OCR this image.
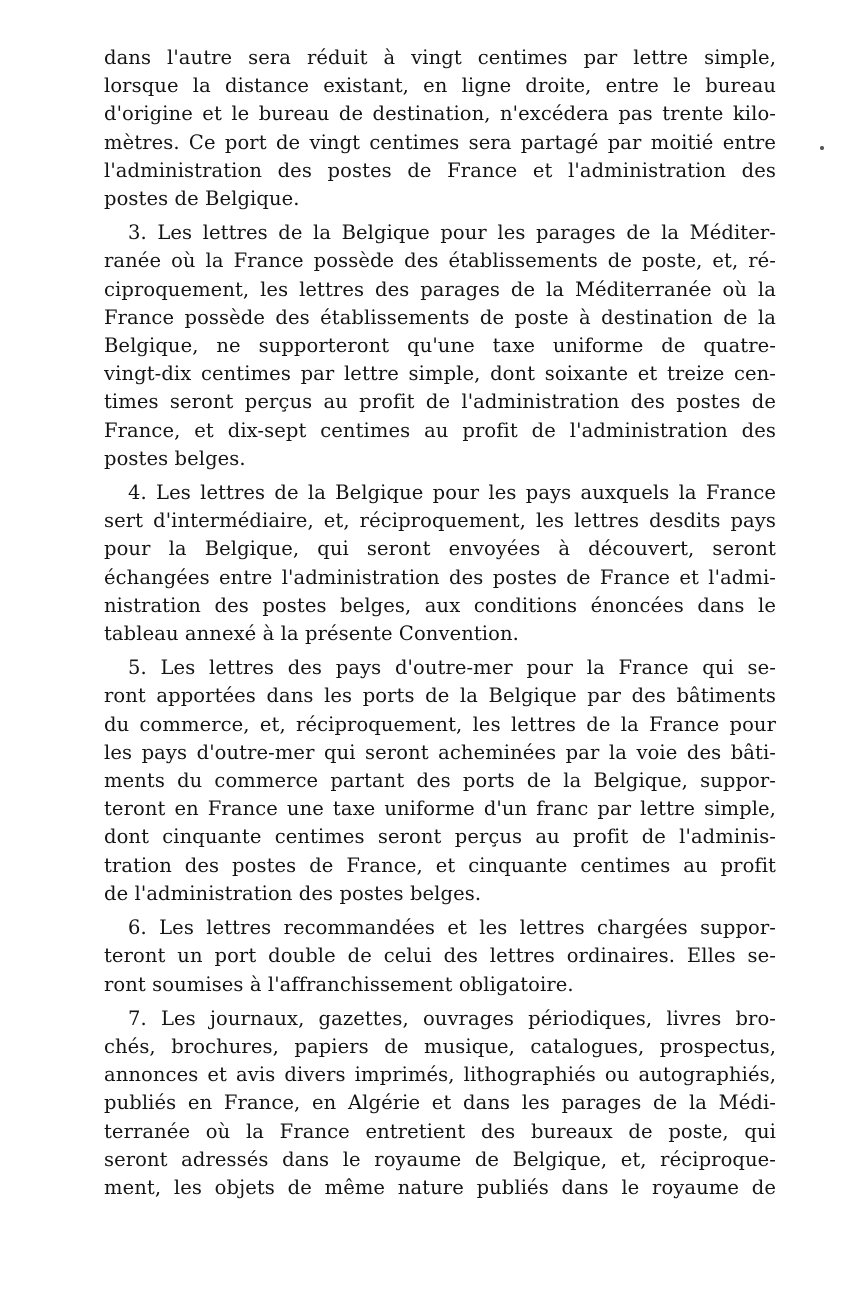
dans l'autre sera réduit à vingt centimes par lettre simple,
lorsque la distance existant, en ligne droite, entre le bureau
d'origine et le bureau de destination, n'excédera pas trente kilo-
mètres. Ce port de vingt centimes sera partagé par moitié entre
l'administration des postes de France et l'administration des
postes de Belgique.
3. Les lettres de la Belgique pour les parages de la Méditer-
ranée où la France possède des établissements de poste, et, ré-
ciproquement, les lettres des parages de la Méditerranée où la
France possède des établissements de poste à destination de la
Belgique, ne supporteront qu'une taxe uniforme de quatre-
vingt-dix centimes par lettre simple, dont soixante et treize cen-
times seront perçus au profit de l'administration des postes de
France, et dix-sept centimes au profit de l'administration des
postes belges.
4. Les lettres de la Belgique pour les pays auxquels la France
sert d'intermédiaire, et, réciproquement, les lettres desdits pays
pour la Belgique, qui seront envoyées à découvert, seront
échangées entre l'administration des postes de France et l'admi-
nistration des postes belges, aux conditions énoncées dans le
tableau annexé à la présente Convention.
5. Les lettres des pays d'outre-mer pour la France qui se-
ront apportées dans les ports de la Belgique par des bâtiments
du commerce, et, réciproquement, les lettres de la France pour
les pays d'outre-mer qui seront acheminées par la voie des bâti-
ments du commerce partant des ports de la Belgique, suppor-
teront en France une taxe uniforme d'un franc par lettre simple,
dont cinquante centimes seront perçus au profit de l'adminis-
tration des postes de France, et cinquante centimes au profit
de l'administration des postes belges.
6. Les lettres recommandées et les lettres chargées suppor-
teront un port double de celui des lettres ordinaires. Elles se-
ront soumises à l'affranchissement obligatoire.
7. Les journaux, gazettes, ouvrages périodiques, livres bro-
chés, brochures, papiers de musique, catalogues, prospectus,
annonces et avis divers imprimés, lithographiés ou autographiés,
publiés en France, en Algérie et dans les parages de la Médi-
terranée où la France entretient des bureaux de poste, qui
seront adressés dans le royaume de Belgique, et, réciproque-
ment, les objets de même nature publiés dans le royaume de
